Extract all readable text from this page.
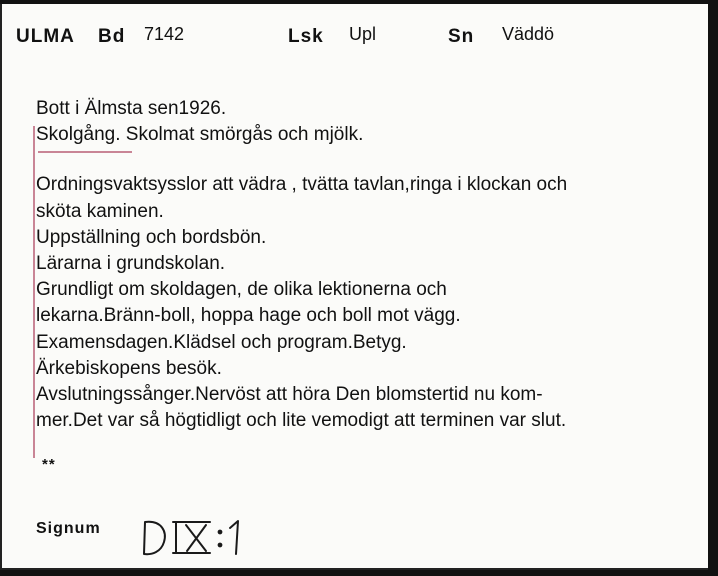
ULMA Bd 7142	Lsk Upl	Sn Väddö
Bott i Älmsta sen1926.
Skolgång. Skolmat smörgås och mjölk.
Ordningsvaktsysslor att vädra , tvätta tavlan,ringa i klockan och
sköta kaminen.
Uppställning och bordsbön.
Lärarna i grundskolan.
Grundligt om skoldagen, de olika lektionerna och
lekarna.Bränn-boll, hoppa hage och boll mot vägg.
Examensdagen.Klädsel och program.Betyg.
Ärkebiskopens besök.
Avslutningssånger.Nervöst att höra Den blomstertid nu kom-
mer.Det var så högtidligt och lite vemodigt att terminen var slut.
**
Signum
